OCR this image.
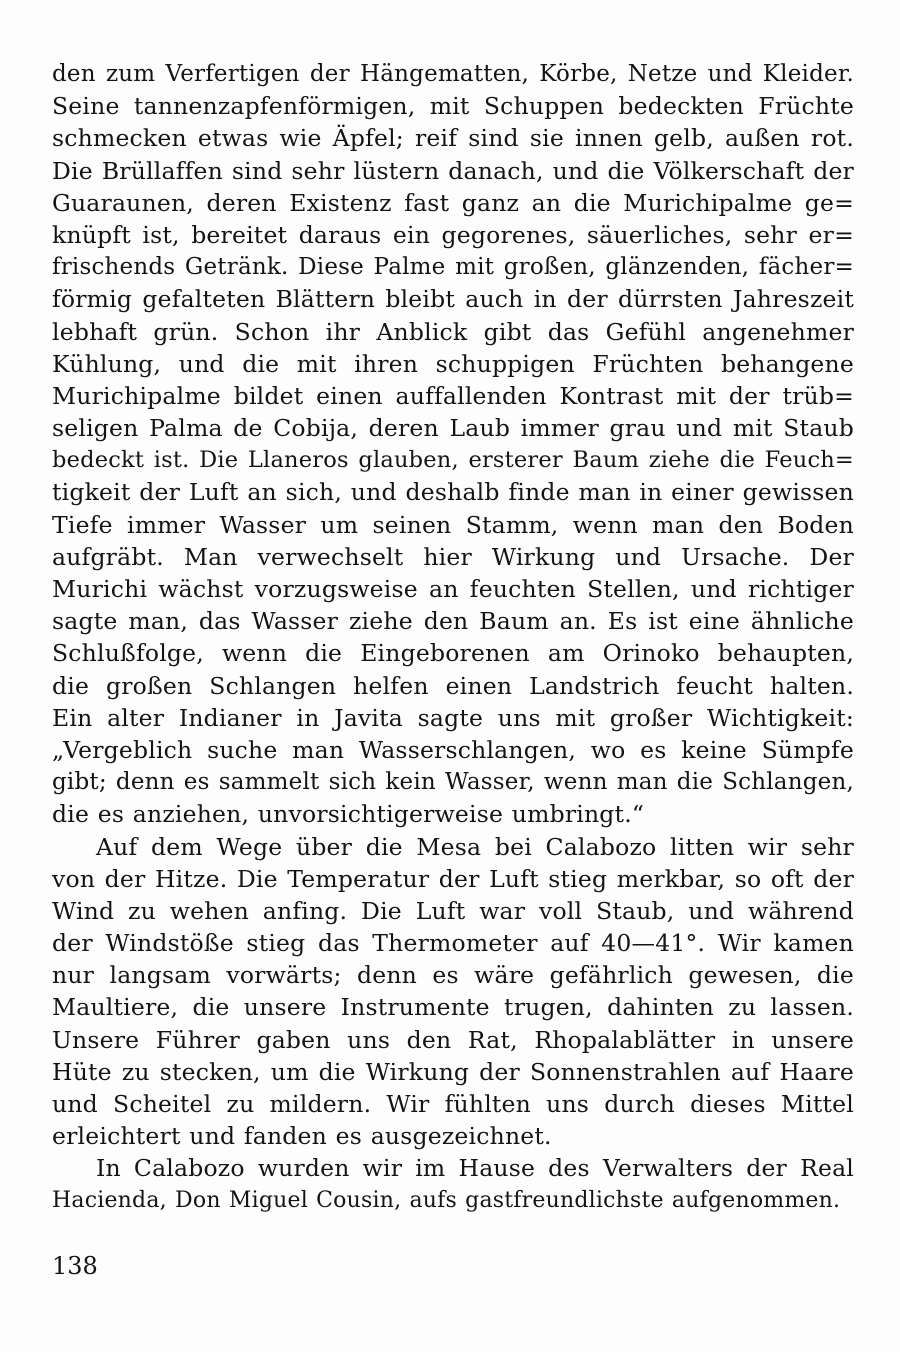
den zum Verfertigen der Hängematten, Körbe, Netze und Kleider.
Seine tannenzapfenförmigen, mit Schuppen bedeckten Früchte
schmecken etwas wie Äpfel; reif sind sie innen gelb, außen rot.
Die Brüllaffen sind sehr lüstern danach, und die Völkerschaft der
Guaraunen, deren Existenz fast ganz an die Murichipalme ge=
knüpft ist, bereitet daraus ein gegorenes, säuerliches, sehr er=
frischends Getränk. Diese Palme mit großen, glänzenden, fächer=
förmig gefalteten Blättern bleibt auch in der dürrsten Jahreszeit
lebhaft grün. Schon ihr Anblick gibt das Gefühl angenehmer
Kühlung, und die mit ihren schuppigen Früchten behangene
Murichipalme bildet einen auffallenden Kontrast mit der trüb=
seligen Palma de Cobija, deren Laub immer grau und mit Staub
bedeckt ist. Die Llaneros glauben, ersterer Baum ziehe die Feuch=
tigkeit der Luft an sich, und deshalb finde man in einer gewissen
Tiefe immer Wasser um seinen Stamm, wenn man den Boden
aufgräbt. Man verwechselt hier Wirkung und Ursache. Der
Murichi wächst vorzugsweise an feuchten Stellen, und richtiger
sagte man, das Wasser ziehe den Baum an. Es ist eine ähnliche
Schlußfolge, wenn die Eingeborenen am Orinoko behaupten,
die großen Schlangen helfen einen Landstrich feucht halten.
Ein alter Indianer in Javita sagte uns mit großer Wichtigkeit:
„Vergeblich suche man Wasserschlangen, wo es keine Sümpfe
gibt; denn es sammelt sich kein Wasser, wenn man die Schlangen,
die es anziehen, unvorsichtigerweise umbringt.“
Auf dem Wege über die Mesa bei Calabozo litten wir sehr
von der Hitze. Die Temperatur der Luft stieg merkbar, so oft der
Wind zu wehen anfing. Die Luft war voll Staub, und während
der Windstöße stieg das Thermometer auf 40—41°. Wir kamen
nur langsam vorwärts; denn es wäre gefährlich gewesen, die
Maultiere, die unsere Instrumente trugen, dahinten zu lassen.
Unsere Führer gaben uns den Rat, Rhopalablätter in unsere
Hüte zu stecken, um die Wirkung der Sonnenstrahlen auf Haare
und Scheitel zu mildern. Wir fühlten uns durch dieses Mittel
erleichtert und fanden es ausgezeichnet.
In Calabozo wurden wir im Hause des Verwalters der Real
Hacienda, Don Miguel Cousin, aufs gastfreundlichste aufgenommen.
138
